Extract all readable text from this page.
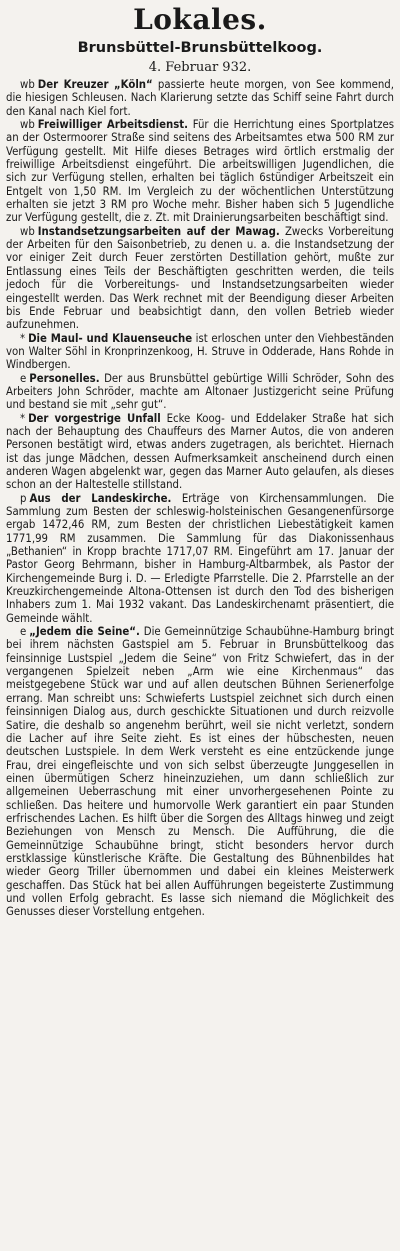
Lokales.
Brunsbüttel-Brunsbüttelkoog.
4. Februar 932.

wb Der Kreuzer „Köln“ passierte heute morgen, von See kommend, die hiesigen Schleusen. Nach Klarierung setzte das Schiff seine Fahrt durch den Kanal nach Kiel fort.

wb Freiwilliger Arbeitsdienst. Für die Herrichtung eines Sportplatzes an der Ostermoorer Straße sind seitens des Arbeitsamtes etwa 500 RM zur Verfügung gestellt. Mit Hilfe dieses Betrages wird örtlich erstmalig der freiwillige Arbeitsdienst eingeführt. Die arbeitswilligen Jugendlichen, die sich zur Verfügung stellen, erhalten bei täglich 6stündiger Arbeitszeit ein Entgelt von 1,50 RM. Im Vergleich zu der wöchentlichen Unterstützung erhalten sie jetzt 3 RM pro Woche mehr. Bisher haben sich 5 Jugendliche zur Verfügung gestellt, die z. Zt. mit Drainierungsarbeiten beschäftigt sind.

wb Instandsetzungsarbeiten auf der Mawag. Zwecks Vorbereitung der Arbeiten für den Saisonbetrieb, zu denen u. a. die Instandsetzung der vor einiger Zeit durch Feuer zerstörten Destillation gehört, mußte zur Entlassung eines Teils der Beschäftigten geschritten werden, die teils jedoch für die Vorbereitungs- und Instandsetzungsarbeiten wieder eingestellt werden. Das Werk rechnet mit der Beendigung dieser Arbeiten bis Ende Februar und beabsichtigt dann, den vollen Betrieb wieder aufzunehmen.

* Die Maul- und Klauenseuche ist erloschen unter den Viehbeständen von Walter Söhl in Kronprinzenkoog, H. Struve in Odderade, Hans Rohde in Windbergen.

e Personelles. Der aus Brunsbüttel gebürtige Willi Schröder, Sohn des Arbeiters John Schröder, machte am Altonaer Justizgericht seine Prüfung und bestand sie mit „sehr gut“.

* Der vorgestrige Unfall Ecke Koog- und Eddelaker Straße hat sich nach der Behauptung des Chauffeurs des Marner Autos, die von anderen Personen bestätigt wird, etwas anders zugetragen, als berichtet. Hiernach ist das junge Mädchen, dessen Aufmerksamkeit anscheinend durch einen anderen Wagen abgelenkt war, gegen das Marner Auto gelaufen, als dieses schon an der Haltestelle stillstand.

p Aus der Landeskirche. Erträge von Kirchensammlungen. Die Sammlung zum Besten der schleswig-holsteinischen Gesangenenfürsorge ergab 1472,46 RM, zum Besten der christlichen Liebestätigkeit kamen 1771,99 RM zusammen. Die Sammlung für das Diakonissenhaus „Bethanien“ in Kropp brachte 1717,07 RM. Eingeführt am 17. Januar der Pastor Georg Behrmann, bisher in Hamburg-Altbarmbek, als Pastor der Kirchengemeinde Burg i. D. — Erledigte Pfarrstelle. Die 2. Pfarrstelle an der Kreuzkirchengemeinde Altona-Ottensen ist durch den Tod des bisherigen Inhabers zum 1. Mai 1932 vakant. Das Landeskirchenamt präsentiert, die Gemeinde wählt.

e „Jedem die Seine“. Die Gemeinnützige Schaubühne-Hamburg bringt bei ihrem nächsten Gastspiel am 5. Februar in Brunsbüttelkoog das feinsinnige Lustspiel „Jedem die Seine“ von Fritz Schwiefert, das in der vergangenen Spielzeit neben „Arm wie eine Kirchenmaus“ das meistgegebene Stück war und auf allen deutschen Bühnen Serienerfolge errang. Man schreibt uns: Schwieferts Lustspiel zeichnet sich durch einen feinsinnigen Dialog aus, durch geschickte Situationen und durch reizvolle Satire, die deshalb so angenehm berührt, weil sie nicht verletzt, sondern die Lacher auf ihre Seite zieht. Es ist eines der hübschesten, neuen deutschen Lustspiele. In dem Werk versteht es eine entzückende junge Frau, drei eingefleischte und von sich selbst überzeugte Junggesellen in einen übermütigen Scherz hineinzuziehen, um dann schließlich zur allgemeinen Ueberraschung mit einer unvorhergesehenen Pointe zu schließen. Das heitere und humorvolle Werk garantiert ein paar Stunden erfrischendes Lachen. Es hilft über die Sorgen des Alltags hinweg und zeigt Beziehungen von Mensch zu Mensch. Die Aufführung, die die Gemeinnützige Schaubühne bringt, sticht besonders hervor durch erstklassige künstlerische Kräfte. Die Gestaltung des Bühnenbildes hat wieder Georg Triller übernommen und dabei ein kleines Meisterwerk geschaffen. Das Stück hat bei allen Aufführungen begeisterte Zustimmung und vollen Erfolg gebracht. Es lasse sich niemand die Möglichkeit des Genusses dieser Vorstellung entgehen.
